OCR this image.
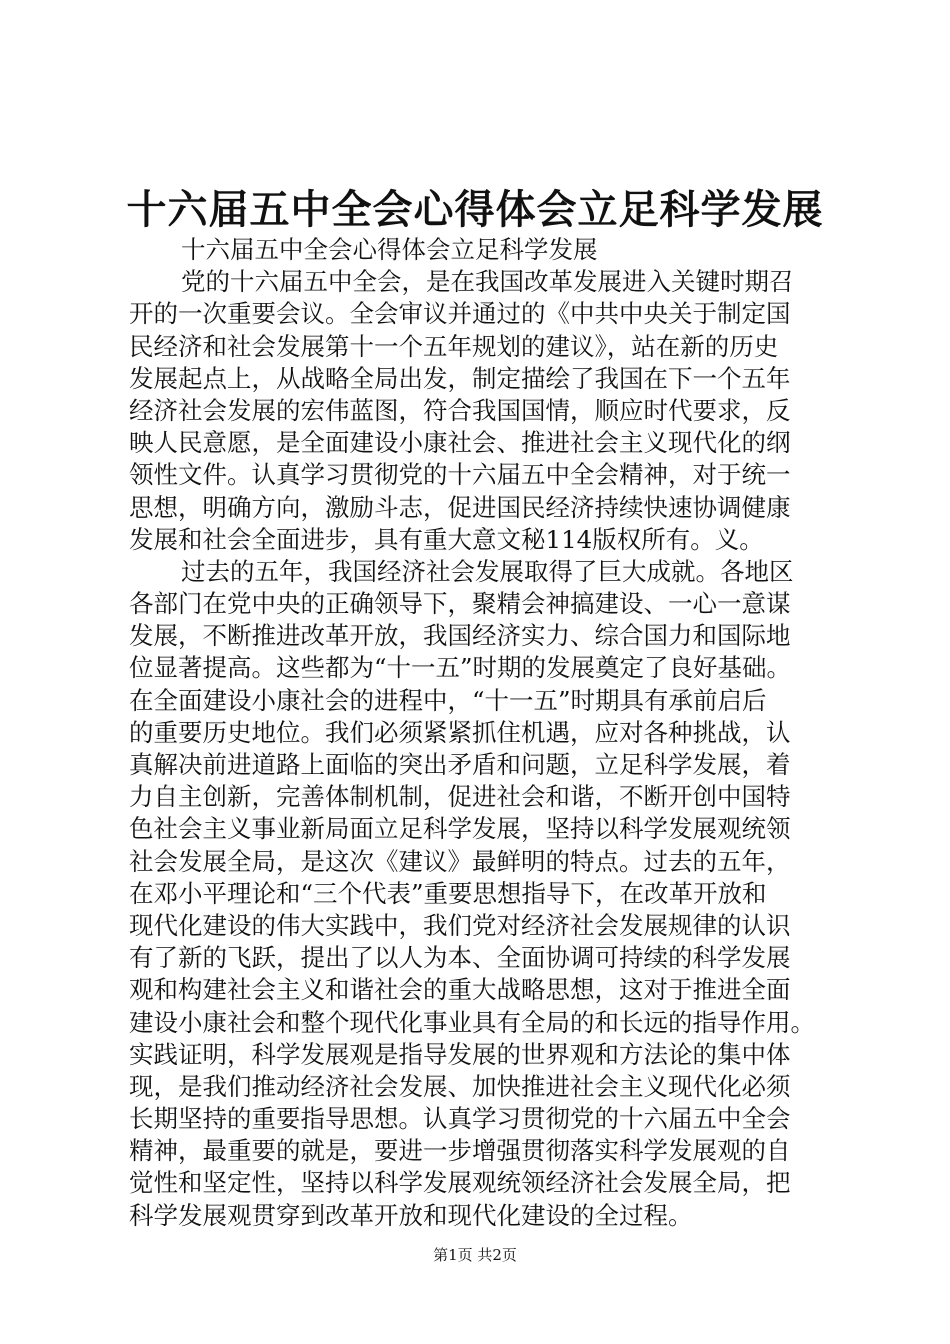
十六届五中全会心得体会立足科学发展
十六届五中全会心得体会立足科学发展
党的十六届五中全会，是在我国改革发展进入关键时期召
开的一次重要会议。全会审议并通过的《中共中央关于制定国
民经济和社会发展第十一个五年规划的建议》，站在新的历史
发展起点上，从战略全局出发，制定描绘了我国在下一个五年
经济社会发展的宏伟蓝图，符合我国国情，顺应时代要求，反
映人民意愿，是全面建设小康社会、推进社会主义现代化的纲
领性文件。认真学习贯彻党的十六届五中全会精神，对于统一
思想，明确方向，激励斗志，促进国民经济持续快速协调健康
发展和社会全面进步，具有重大意文秘114版权所有。义。
过去的五年，我国经济社会发展取得了巨大成就。各地区
各部门在党中央的正确领导下，聚精会神搞建设、一心一意谋
发展，不断推进改革开放，我国经济实力、综合国力和国际地
位显著提高。这些都为“十一五”时期的发展奠定了良好基础。
在全面建设小康社会的进程中，“十一五”时期具有承前启后
的重要历史地位。我们必须紧紧抓住机遇，应对各种挑战，认
真解决前进道路上面临的突出矛盾和问题，立足科学发展，着
力自主创新，完善体制机制，促进社会和谐，不断开创中国特
色社会主义事业新局面立足科学发展，坚持以科学发展观统领
社会发展全局，是这次《建议》最鲜明的特点。过去的五年，
在邓小平理论和“三个代表”重要思想指导下，在改革开放和
现代化建设的伟大实践中，我们党对经济社会发展规律的认识
有了新的飞跃，提出了以人为本、全面协调可持续的科学发展
观和构建社会主义和谐社会的重大战略思想，这对于推进全面
建设小康社会和整个现代化事业具有全局的和长远的指导作用。
实践证明，科学发展观是指导发展的世界观和方法论的集中体
现，是我们推动经济社会发展、加快推进社会主义现代化必须
长期坚持的重要指导思想。认真学习贯彻党的十六届五中全会
精神，最重要的就是，要进一步增强贯彻落实科学发展观的自
觉性和坚定性，坚持以科学发展观统领经济社会发展全局，把
科学发展观贯穿到改革开放和现代化建设的全过程。
第1页 共2页
